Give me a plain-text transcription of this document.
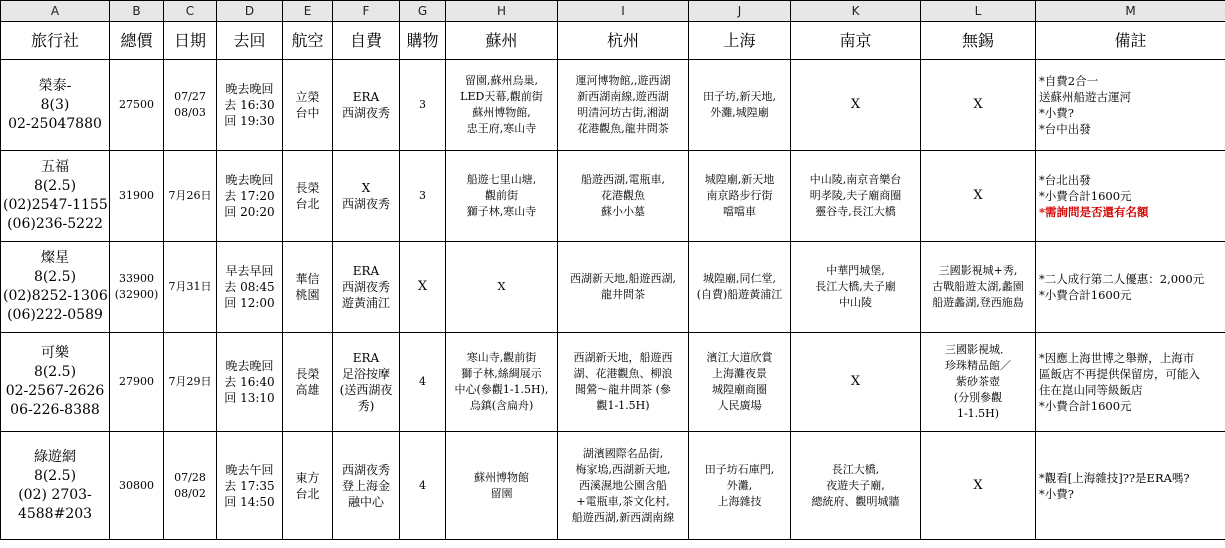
A	B	C	D	E	F	G	H	I	J	K	L	M
旅行社	總價	日期	去回	航空	自費	購物	蘇州	杭州	上海	南京	無錫	備註

榮泰-
8(3)
02-25047880	27500	07/27
08/03	晚去晚回
去 16:30
回 19:30	立榮
台中	ERA
西湖夜秀	3	留園,蘇州烏巢,
LED天幕,觀前街
蘇州博物館,
忠王府,寒山寺	運河博物館,,遊西湖
新西湖南線,遊西湖
明清河坊古街,湘湖
花港觀魚,龍井問茶	田子坊,新天地,
外灘,城隍廟	X	X	*自費2合一
送蘇州船遊古運河
*小費?
*台中出發

五福
8(2.5)
(02)2547-1155
(06)236-5222	31900	7月26日	晚去晚回
去 17:20
回 20:20	長榮
台北	X
西湖夜秀	3	船遊七里山塘,
觀前街
獅子林,寒山寺	船遊西湖,電瓶車,
花港觀魚
蘇小小墓	城隍廟,新天地
南京路步行街
噹噹車	中山陵,南京音樂台
明孝陵,夫子廟商圈
靈谷寺,長江大橋	X	*台北出發
*小費合計1600元
*需詢問是否還有名額

燦星
8(2.5)
(02)8252-1306
(06)222-0589	33900
(32900)	7月31日	早去早回
去 08:45
回 12:00	華信
桃園	ERA
西湖夜秀
遊黃浦江	X	X	西湖新天地,船遊西湖,
龍井問茶	城隍廟,同仁堂,
(自費)船遊黃浦江	中華門城堡,
長江大橋,夫子廟
中山陵	三國影視城+秀,
古戰船遊太湖,蠡園
船遊蠡湖,登西施島	*二人成行第二人優惠：2,000元
*小費合計1600元

可樂
8(2.5)
02-2567-2626
06-226-8388	27900	7月29日	晚去晚回
去 16:40
回 13:10	長榮
高雄	ERA
足浴按摩
(送西湖夜
秀)	4	寒山寺,觀前街
獅子林,絲綢展示
中心(參觀1-1.5H),
烏鎮(含扁舟)	西湖新天地，船遊西
湖、花港觀魚、柳浪
聞鶯～龍井問茶 (參
觀1-1.5H)	濱江大道欣賞
上海灘夜景
城隍廟商圈
人民廣場	X	三國影視城．
珍珠精品館／
紫砂茶壺
(分別參觀
1-1.5H)	*因應上海世博之舉辦，上海市
區飯店不再提供保留房，可能入
住在崑山同等級飯店
*小費合計1600元

綠遊網
8(2.5)
(02) 2703-
4588#203	30800	07/28
08/02	晚去午回
去 17:35
回 14:50	東方
台北	西湖夜秀
登上海金
融中心	4	蘇州博物館
留園	湖濱國際名品街,
梅家塢,西湖新天地,
西溪濕地公園含船
+電瓶車,茶文化村,
船遊西湖,新西湖南線	田子坊石庫門,
外灘,
上海雜技	長江大橋,
夜遊夫子廟,
總統府、觀明城牆	X	*觀看[上海雜技]??是ERA嗎?
*小費?
